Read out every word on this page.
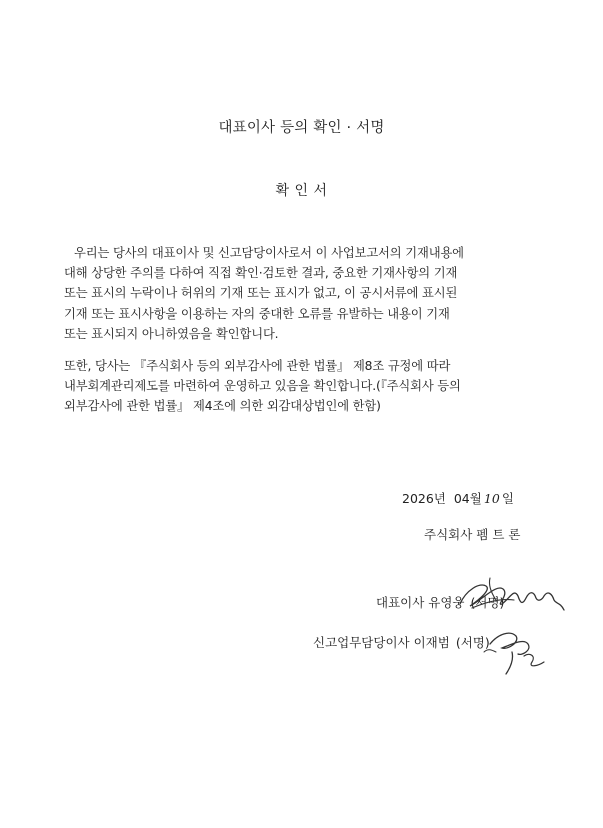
대표이사 등의 확인 · 서명
확 인 서
우리는 당사의 대표이사 및 신고담당이사로서 이 사업보고서의 기재내용에
대해 상당한 주의를 다하여 직접 확인·검토한 결과, 중요한 기재사항의 기재
또는 표시의 누락이나 허위의 기재 또는 표시가 없고, 이 공시서류에 표시된
기재 또는 표시사항을 이용하는 자의 중대한 오류를 유발하는 내용이 기재
또는 표시되지 아니하였음을 확인합니다.
또한, 당사는 『주식회사 등의 외부감사에 관한 법률』 제8조 규정에 따라
내부회계관리제도를 마련하여 운영하고 있음을 확인합니다.(『주식회사 등의
외부감사에 관한 법률』 제4조에 의한 외감대상법인에 한함)
2026년 04월 10 일
주식회사 펨 트 론
대표이사 유영웅 (서명)
신고업무담당이사 이재범 (서명)
